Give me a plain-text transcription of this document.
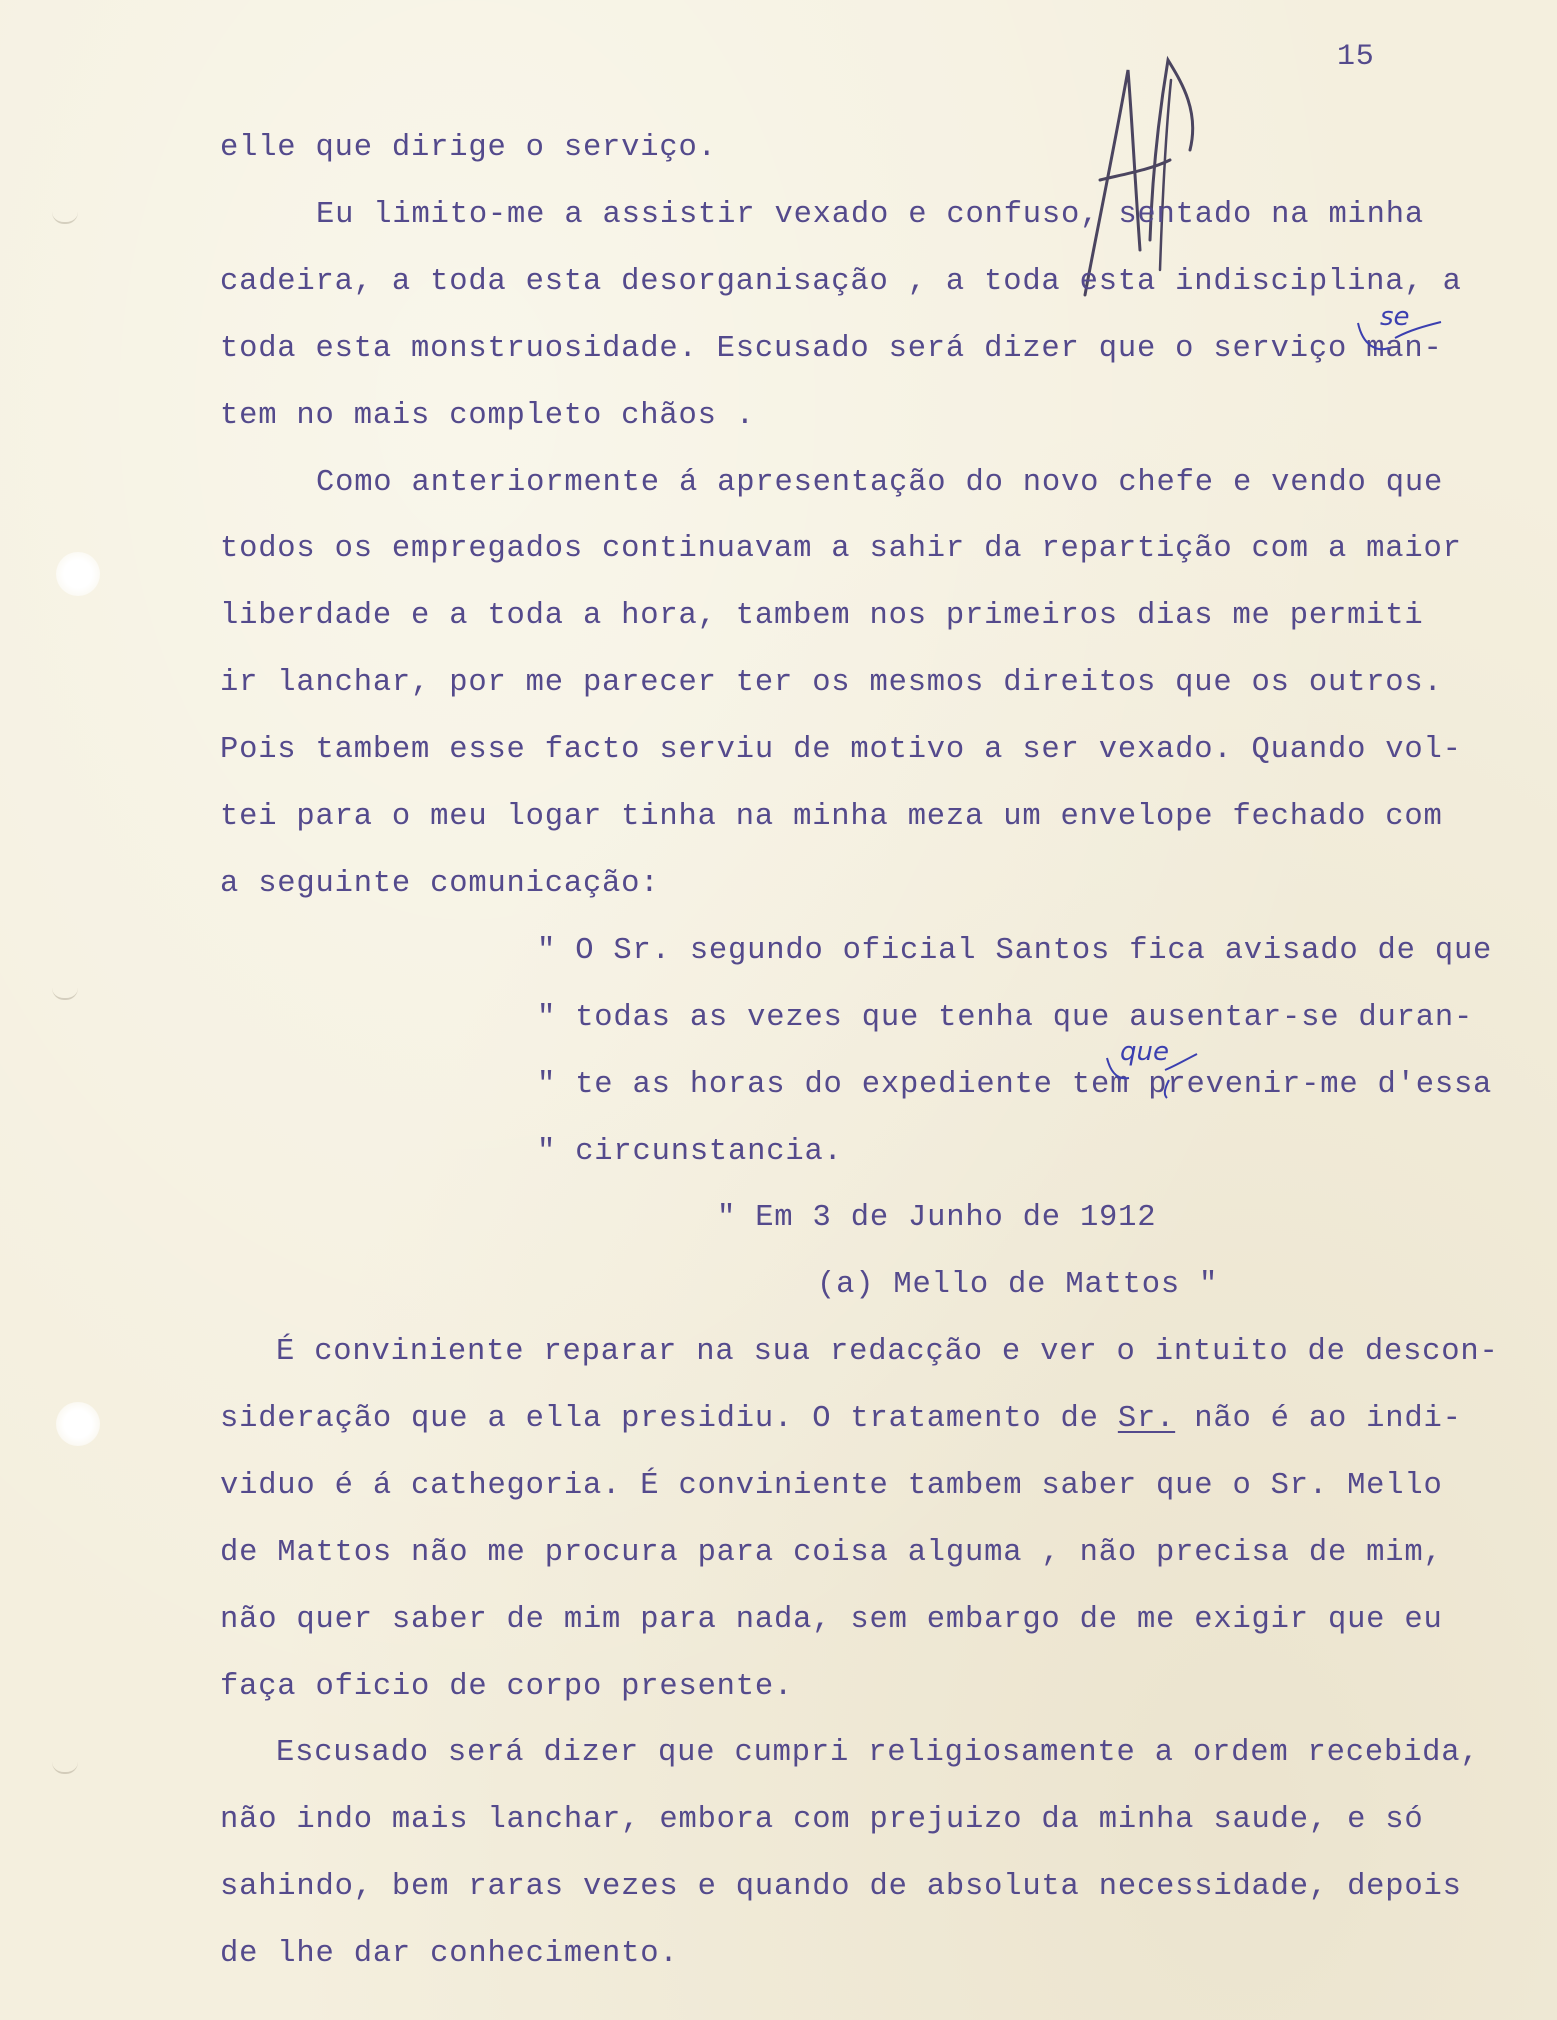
15
elle que dirige o serviço.
Eu limito-me a assistir vexado e confuso, sentado na minha
cadeira, a toda esta desorganisação , a toda esta indisciplina, a
toda esta monstruosidade. Escusado será dizer que o serviço man-
tem no mais completo chãos .
Como anteriormente á apresentação do novo chefe e vendo que
todos os empregados continuavam a sahir da repartição com a maior
liberdade e a toda a hora, tambem nos primeiros dias me permiti
ir lanchar, por me parecer ter os mesmos direitos que os outros.
Pois tambem esse facto serviu de motivo a ser vexado. Quando vol-
tei para o meu logar tinha na minha meza um envelope fechado com
a seguinte comunicação:
" O Sr. segundo oficial Santos fica avisado de que
" todas as vezes que tenha que ausentar-se duran-
" te as horas do expediente tem prevenir-me d'essa
" circunstancia.
" Em 3 de Junho de 1912
(a) Mello de Mattos "
É conviniente reparar na sua redacção e ver o intuito de descon-
sideração que a ella presidiu. O tratamento de Sr. não é ao indi-
viduo é á cathegoria. É conviniente tambem saber que o Sr. Mello
de Mattos não me procura para coisa alguma , não precisa de mim,
não quer saber de mim para nada, sem embargo de me exigir que eu
faça oficio de corpo presente.
Escusado será dizer que cumpri religiosamente a ordem recebida,
não indo mais lanchar, embora com prejuizo da minha saude, e só
sahindo, bem raras vezes e quando de absoluta necessidade, depois
de lhe dar conhecimento.
se
que
